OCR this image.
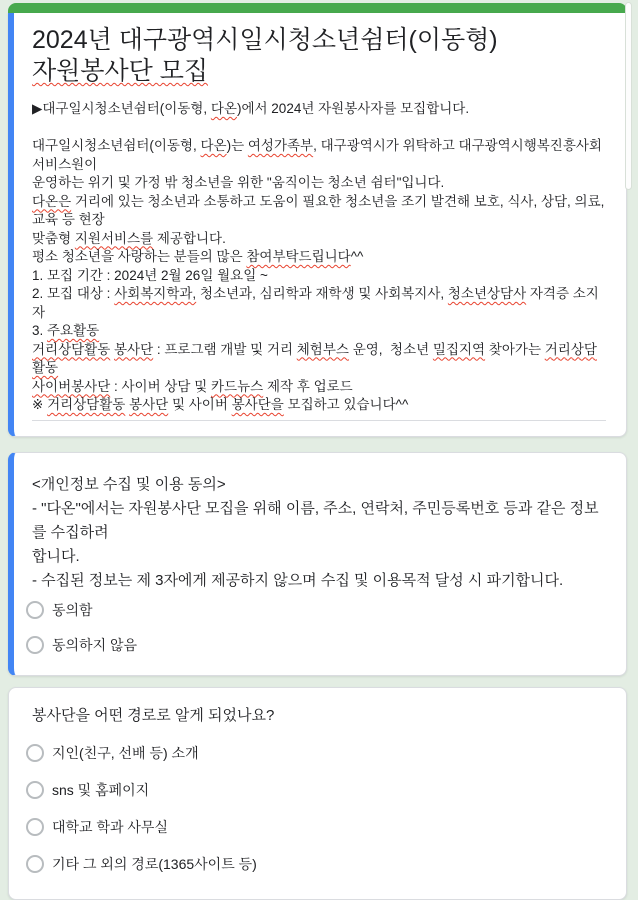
2024년 대구광역시일시청소년쉼터(이동형)
자원봉사단 모집
▶대구일시청소년쉼터(이동형, 다온)에서 2024년 자원봉사자를 모집합니다.

대구일시청소년쉼터(이동형, 다온)는 여성가족부, 대구광역시가 위탁하고 대구광역시행복진흥사회서비스원이
운영하는 위기 및 가정 밖 청소년을 위한 "움직이는 청소년 쉼터"입니다.
다온은 거리에 있는 청소년과 소통하고 도움이 필요한 청소년을 조기 발견해 보호, 식사, 상담, 의료, 교육 등 현장
맞춤형 지원서비스를 제공합니다.
평소 청소년을 사랑하는 분들의 많은 참여부탁드립니다^^
1. 모집 기간 : 2024년 2월 26일 월요일 ~
2. 모집 대상 : 사회복지학과, 청소년과, 심리학과 재학생 및 사회복지사, 청소년상담사 자격증 소지자
3. 주요활동
거리상담활동 봉사단 : 프로그램 개발 및 거리 체험부스 운영,  청소년 밀집지역 찾아가는 거리상담활동
사이버봉사단 : 사이버 상담 및 카드뉴스 제작 후 업로드
※ 거리상담활동 봉사단 및 사이버 봉사단을 모집하고 있습니다^^
<개인정보 수집 및 이용 동의>
- "다온"에서는 자원봉사단 모집을 위해 이름, 주소, 연락처, 주민등록번호 등과 같은 정보를 수집하려
합니다.
- 수집된 정보는 제 3자에게 제공하지 않으며 수집 및 이용목적 달성 시 파기합니다.
동의함
동의하지 않음
봉사단을 어떤 경로로 알게 되었나요?
지인(친구, 선배 등) 소개
sns 및 홈페이지
대학교 학과 사무실
기타 그 외의 경로(1365사이트 등)
